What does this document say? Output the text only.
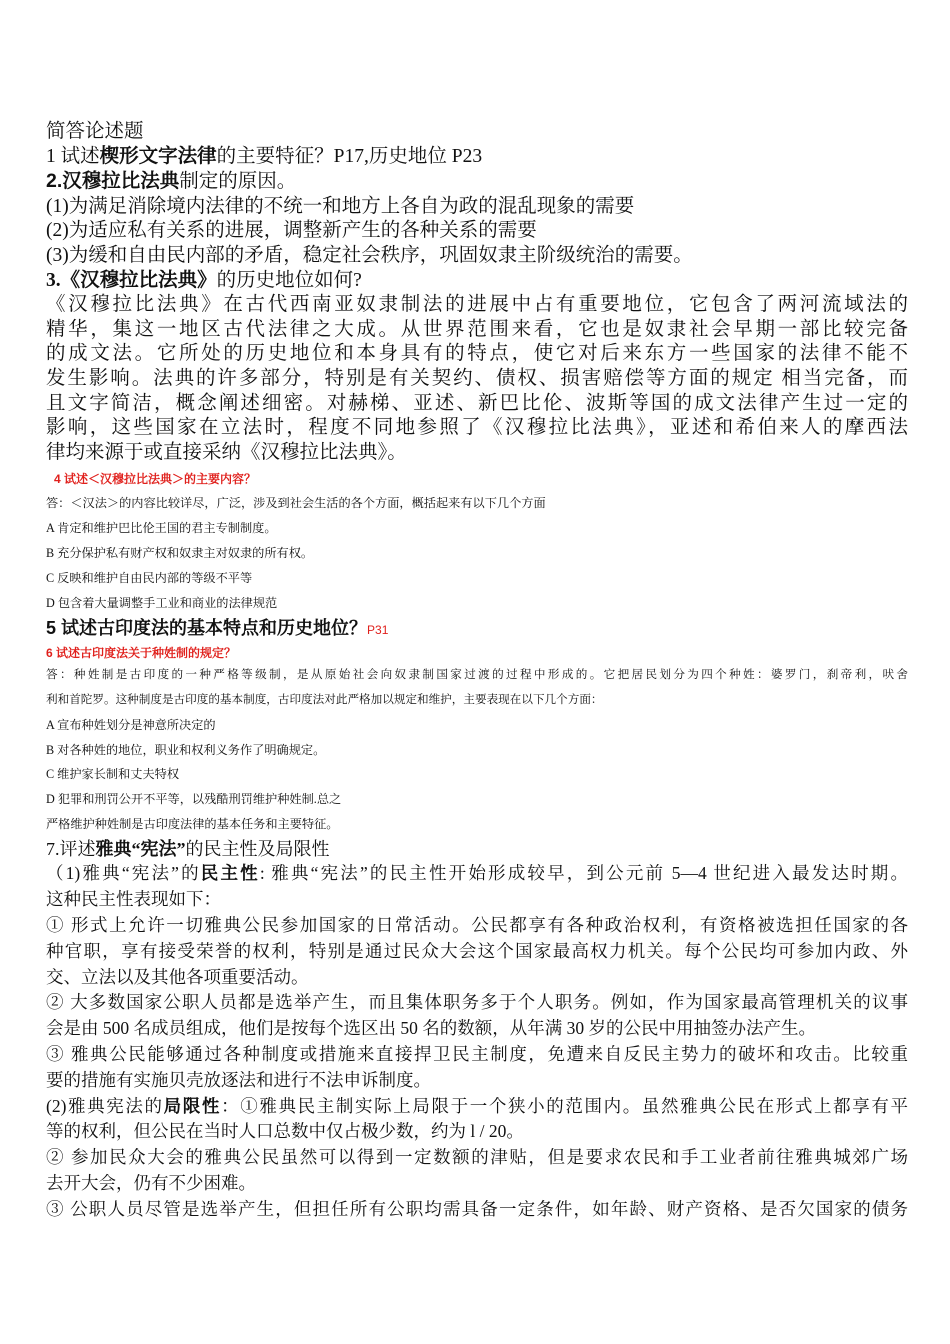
简答论述题
1 试述楔形文字法律的主要特征？P17,历史地位 P23
2.汉穆拉比法典制定的原因。
(1)为满足消除境内法律的不统一和地方上各自为政的混乱现象的需要
(2)为适应私有关系的进展，调整新产生的各种关系的需要
(3)为缓和自由民内部的矛盾，稳定社会秩序，巩固奴隶主阶级统治的需要。
3.《汉穆拉比法典》的历史地位如何?
《汉穆拉比法典》在古代西南亚奴隶制法的进展中占有重要地位，它包含了两河流域法的
精华，集这一地区古代法律之大成。从世界范围来看，它也是奴隶社会早期一部比较完备
的成文法。它所处的历史地位和本身具有的特点，使它对后来东方一些国家的法律不能不
发生影响。法典的许多部分，特别是有关契约、债权、损害赔偿等方面的规定 相当完备，而
且文字简洁，概念阐述细密。对赫梯、亚述、新巴比伦、波斯等国的成文法律产生过一定的
影响，这些国家在立法时，程度不同地参照了《汉穆拉比法典》，亚述和希伯来人的摩西法
律均来源于或直接采纳《汉穆拉比法典》。
4 试述＜汉穆拉比法典＞的主要内容？
答：＜汉法＞的内容比较详尽，广泛，涉及到社会生活的各个方面，概括起来有以下几个方面
A 肯定和维护巴比伦王国的君主专制制度。
B 充分保护私有财产权和奴隶主对奴隶的所有权。
C 反映和维护自由民内部的等级不平等
D 包含着大量调整手工业和商业的法律规范
5 试述古印度法的基本特点和历史地位？P31
6 试述古印度法关于种姓制的规定？
答：种姓制是古印度的一种严格等级制，是从原始社会向奴隶制国家过渡的过程中形成的。它把居民划分为四个种姓：婆罗门，刹帝利，吠舍
利和首陀罗。这种制度是古印度的基本制度，古印度法对此严格加以规定和维护，主要表现在以下几个方面：
A 宣布种姓划分是神意所决定的
B 对各种姓的地位，职业和权利义务作了明确规定。
C 维护家长制和丈夫特权
D 犯罪和刑罚公开不平等，以残酷刑罚维护种姓制.总之
严格维护种姓制是古印度法律的基本任务和主要特征。
7.评述雅典“宪法”的民主性及局限性
（1)雅典“宪法”的民主性: 雅典“宪法”的民主性开始形成较早，到公元前 5—4 世纪进入最发达时期。
这种民主性表现如下：
① 形式上允许一切雅典公民参加国家的日常活动。公民都享有各种政治权利，有资格被选担任国家的各
种官职，享有接受荣誉的权利，特别是通过民众大会这个国家最高权力机关。每个公民均可参加内政、外
交、立法以及其他各项重要活动。
② 大多数国家公职人员都是选举产生，而且集体职务多于个人职务。例如，作为国家最高管理机关的议事
会是由 500 名成员组成，他们是按每个选区出 50 名的数额，从年满 30 岁的公民中用抽签办法产生。
③ 雅典公民能够通过各种制度或措施来直接捍卫民主制度，免遭来自反民主势力的破坏和攻击。比较重
要的措施有实施贝壳放逐法和进行不法申诉制度。
(2)雅典宪法的局限性：①雅典民主制实际上局限于一个狭小的范围内。虽然雅典公民在形式上都享有平
等的权利，但公民在当时人口总数中仅占极少数，约为 l / 20。
② 参加民众大会的雅典公民虽然可以得到一定数额的津贴，但是要求农民和手工业者前往雅典城郊广场
去开大会，仍有不少困难。
③ 公职人员尽管是选举产生，但担任所有公职均需具备一定条件，如年龄、财产资格、是否欠国家的债务
